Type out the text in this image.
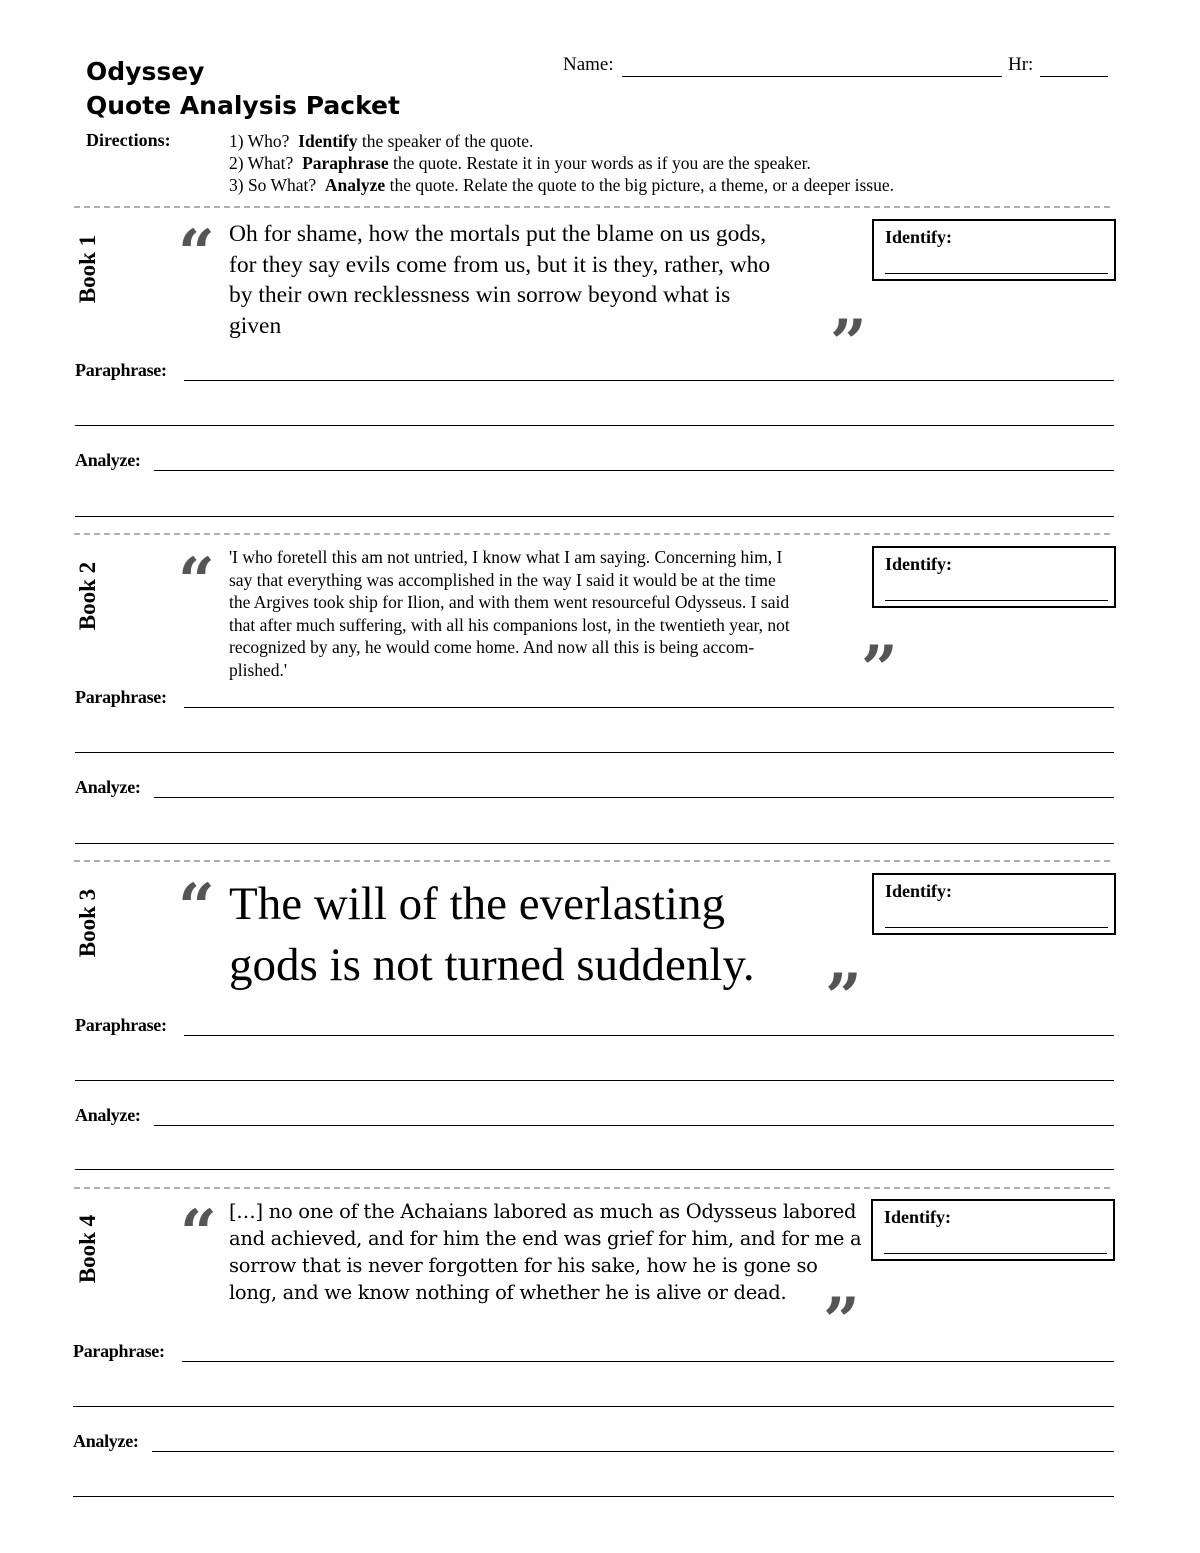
Odyssey
Quote Analysis Packet
Name:	Hr:
Directions:	1) Who? Identify the speaker of the quote.
2) What? Paraphrase the quote. Restate it in your words as if you are the speaker.
3) So What? Analyze the quote. Relate the quote to the big picture, a theme, or a deeper issue.
Book 1 “ Oh for shame, how the mortals put the blame on us gods,
for they say evils come from us, but it is they, rather, who
by their own recklessness win sorrow beyond what is
given	”
Identify:
Paraphrase:
Analyze:
Book 2 “ 'I who foretell this am not untried, I know what I am saying. Concerning him, I
say that everything was accomplished in the way I said it would be at the time
the Argives took ship for Ilion, and with them went resourceful Odysseus. I said
that after much suffering, with all his companions lost, in the twentieth year, not
recognized by any, he would come home. And now all this is being accom-
plished.'	”
Identify:
Paraphrase:
Analyze:
Book 3 “ The will of the everlasting
gods is not turned suddenly.	”
Identify:
Paraphrase:
Analyze:
Book 4 “ […] no one of the Achaians labored as much as Odysseus labored
and achieved, and for him the end was grief for him, and for me a
sorrow that is never forgotten for his sake, how he is gone so
long, and we know nothing of whether he is alive or dead. ”
Identify:
Paraphrase:
Analyze:
